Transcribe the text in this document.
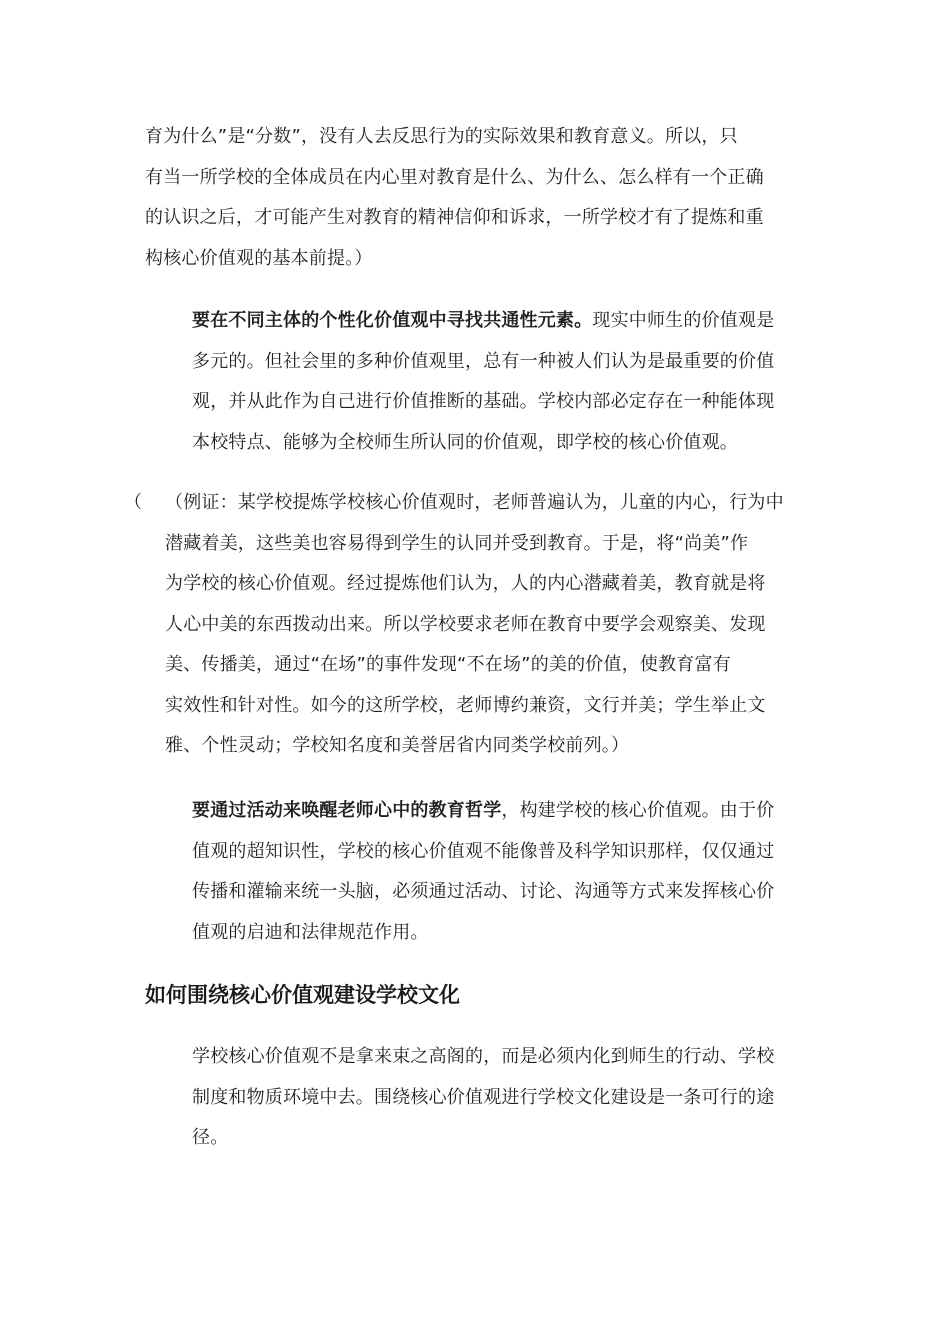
育为什么”是“分数”，没有人去反思行为的实际效果和教育意义。所以，只
有当一所学校的全体成员在内心里对教育是什么、为什么、怎么样有一个正确
的认识之后，才可能产生对教育的精神信仰和诉求，一所学校才有了提炼和重
构核心价值观的基本前提。）
要在不同主体的个性化价值观中寻找共通性元素。现实中师生的价值观是
多元的。但社会里的多种价值观里，总有一种被人们认为是最重要的价值
观，并从此作为自己进行价值推断的基础。学校内部必定存在一种能体现
本校特点、能够为全校师生所认同的价值观，即学校的核心价值观。
（ （例证：某学校提炼学校核心价值观时，老师普遍认为，儿童的内心，行为中
潜藏着美，这些美也容易得到学生的认同并受到教育。于是，将“尚美”作
为学校的核心价值观。经过提炼他们认为，人的内心潜藏着美，教育就是将
人心中美的东西拨动出来。所以学校要求老师在教育中要学会观察美、发现
美、传播美，通过“在场”的事件发现“不在场”的美的价值，使教育富有
实效性和针对性。如今的这所学校，老师博约兼资，文行并美；学生举止文
雅、个性灵动；学校知名度和美誉居省内同类学校前列。）
要通过活动来唤醒老师心中的教育哲学，构建学校的核心价值观。由于价
值观的超知识性，学校的核心价值观不能像普及科学知识那样，仅仅通过
传播和灌输来统一头脑，必须通过活动、讨论、沟通等方式来发挥核心价
值观的启迪和法律规范作用。
如何围绕核心价值观建设学校文化
学校核心价值观不是拿来束之高阁的，而是必须内化到师生的行动、学校
制度和物质环境中去。围绕核心价值观进行学校文化建设是一条可行的途
径。
